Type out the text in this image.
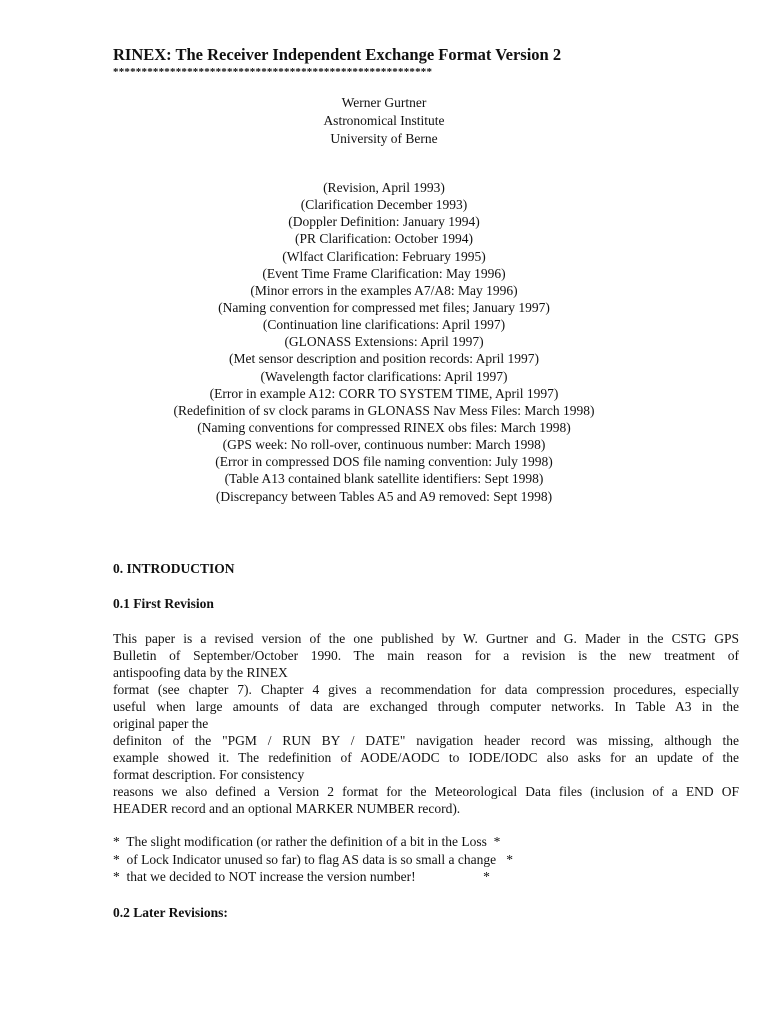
RINEX: The Receiver Independent Exchange Format Version 2
********************************************************
Werner Gurtner
Astronomical Institute
University of Berne
(Revision, April 1993)
(Clarification December 1993)
(Doppler Definition: January 1994)
(PR Clarification: October 1994)
(Wlfact Clarification: February 1995)
(Event Time Frame Clarification: May 1996)
(Minor errors in the examples A7/A8: May 1996)
(Naming convention for compressed met files; January 1997)
(Continuation line clarifications: April 1997)
(GLONASS Extensions: April 1997)
(Met sensor description and position records: April 1997)
(Wavelength factor clarifications: April 1997)
(Error in example A12: CORR TO SYSTEM TIME, April 1997)
(Redefinition of sv clock params in GLONASS Nav Mess Files: March 1998)
(Naming conventions for compressed RINEX obs files: March 1998)
(GPS week: No roll-over, continuous number: March 1998)
(Error in compressed DOS file naming convention: July 1998)
(Table A13 contained blank satellite identifiers: Sept 1998)
(Discrepancy between Tables A5 and A9 removed: Sept 1998)
0. INTRODUCTION
0.1 First Revision
This paper is a revised version of the one published by W. Gurtner and G. Mader in the CSTG GPS
Bulletin of September/October 1990. The main reason for a revision is the new treatment of
antispoofing data by the RINEX
format (see chapter 7). Chapter 4 gives a recommendation for data compression procedures, especially
useful when large amounts of data are exchanged through computer networks. In Table A3 in the
original paper the
definiton of the "PGM / RUN BY / DATE" navigation header record was missing, although the
example showed it. The redefinition of AODE/AODC to IODE/IODC also asks for an update of the
format description. For consistency
reasons we also defined a Version 2 format for the Meteorological Data files (inclusion of a END OF
HEADER record and an optional MARKER NUMBER record).
*  The slight modification (or rather the definition of a bit in the Loss  *
*  of Lock Indicator unused so far) to flag AS data is so small a change   *
*  that we decided to NOT increase the version number!                    *
0.2 Later Revisions:
